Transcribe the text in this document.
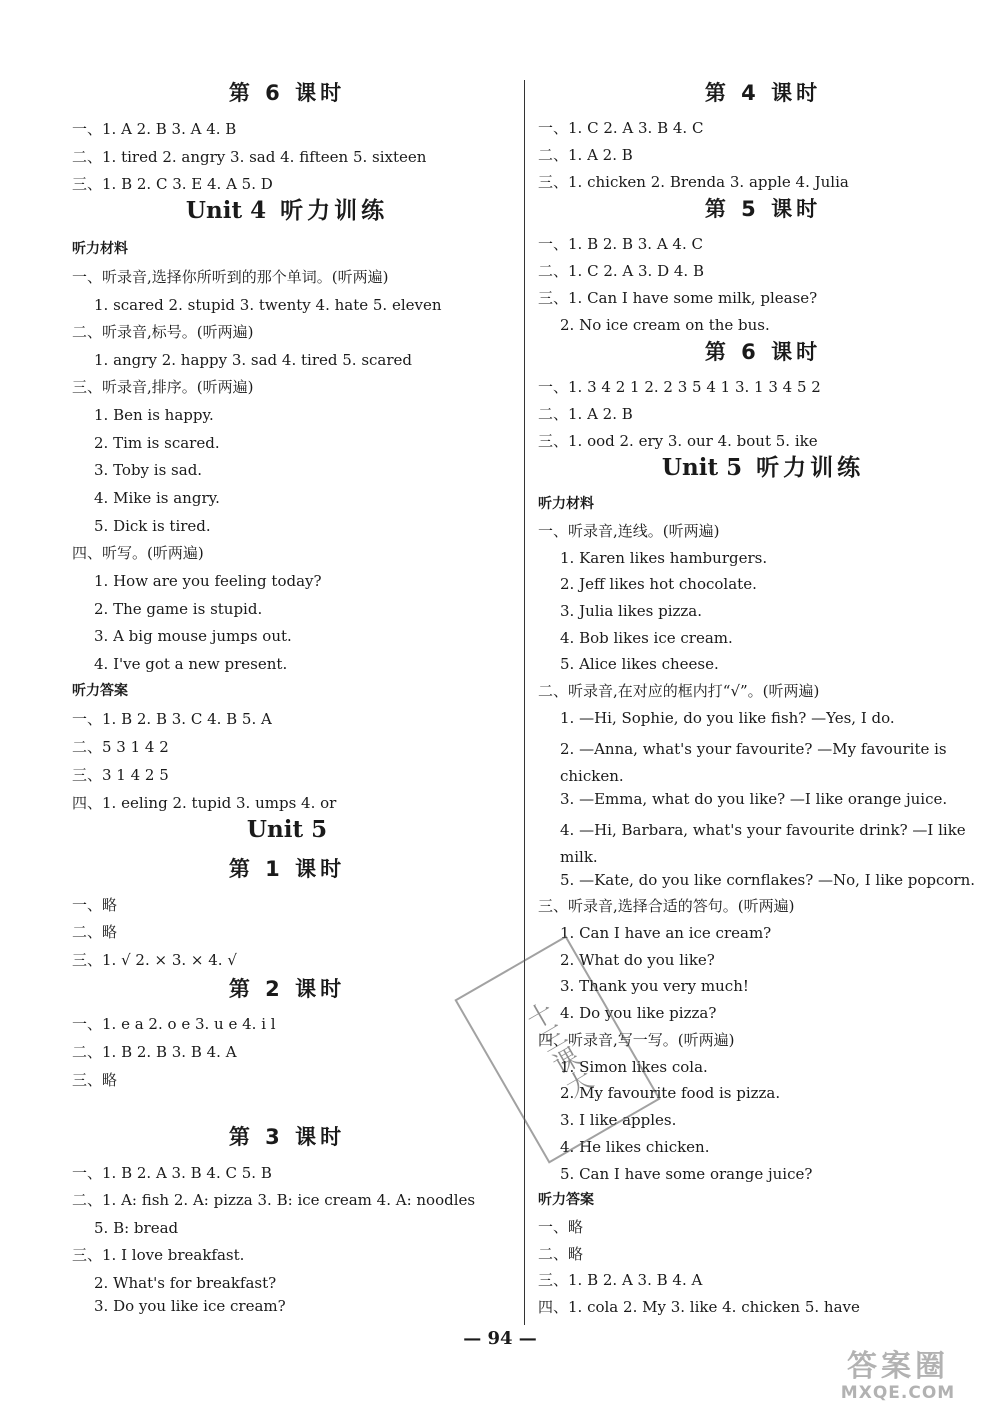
第 6 课时
一、1. A 2. B 3. A 4. B
二、1. tired 2. angry 3. sad 4. fifteen 5. sixteen
三、1. B 2. C 3. E 4. A 5. D
Unit 4 听力训练
听力材料
一、听录音,选择你所听到的那个单词。(听两遍)
1. scared 2. stupid 3. twenty 4. hate 5. eleven
二、听录音,标号。(听两遍)
1. angry 2. happy 3. sad 4. tired 5. scared
三、听录音,排序。(听两遍)
1. Ben is happy.
2. Tim is scared.
3. Toby is sad.
4. Mike is angry.
5. Dick is tired.
四、听写。(听两遍)
1. How are you feeling today?
2. The game is stupid.
3. A big mouse jumps out.
4. I've got a new present.
听力答案
一、1. B 2. B 3. C 4. B 5. A
二、5 3 1 4 2
三、3 1 4 2 5
四、1. eeling 2. tupid 3. umps 4. or
Unit 5
第 1 课时
一、略
二、略
三、1. √ 2. × 3. × 4. √
第 2 课时
一、1. e a 2. o e 3. u e 4. i l
二、1. B 2. B 3. B 4. A
三、略
第 3 课时
一、1. B 2. A 3. B 4. C 5. B
二、1. A: fish 2. A: pizza 3. B: ice cream 4. A: noodles
5. B: bread
三、1. I love breakfast.
2. What's for breakfast?
3. Do you like ice cream?
第 4 课时
一、1. C 2. A 3. B 4. C
二、1. A 2. B
三、1. chicken 2. Brenda 3. apple 4. Julia
第 5 课时
一、1. B 2. B 3. A 4. C
二、1. C 2. A 3. D 4. B
三、1. Can I have some milk, please?
2. No ice cream on the bus.
第 6 课时
一、1. 3 4 2 1 2. 2 3 5 4 1 3. 1 3 4 5 2
二、1. A 2. B
三、1. ood 2. ery 3. our 4. bout 5. ike
Unit 5 听力训练
听力材料
一、听录音,连线。(听两遍)
1. Karen likes hamburgers.
2. Jeff likes hot chocolate.
3. Julia likes pizza.
4. Bob likes ice cream.
5. Alice likes cheese.
二、听录音,在对应的框内打“√”。(听两遍)
1. —Hi, Sophie, do you like fish? —Yes, I do.
2. —Anna, what's your favourite? —My favourite is chicken.
3. —Emma, what do you like? —I like orange juice.
4. —Hi, Barbara, what's your favourite drink? —I like milk.
5. —Kate, do you like cornflakes? —No, I like popcorn.
三、听录音,选择合适的答句。(听两遍)
1. Can I have an ice cream?
2. What do you like?
3. Thank you very much!
4. Do you like pizza?
四、听录音,写一写。(听两遍)
1. Simon likes cola.
2. My favourite food is pizza.
3. I like apples.
4. He likes chicken.
5. Can I have some orange juice?
听力答案
一、略
二、略
三、1. B 2. A 3. B 4. A
四、1. cola 2. My 3. like 4. chicken 5. have
十三课大
— 94 —
答案圈
MXQE.COM
